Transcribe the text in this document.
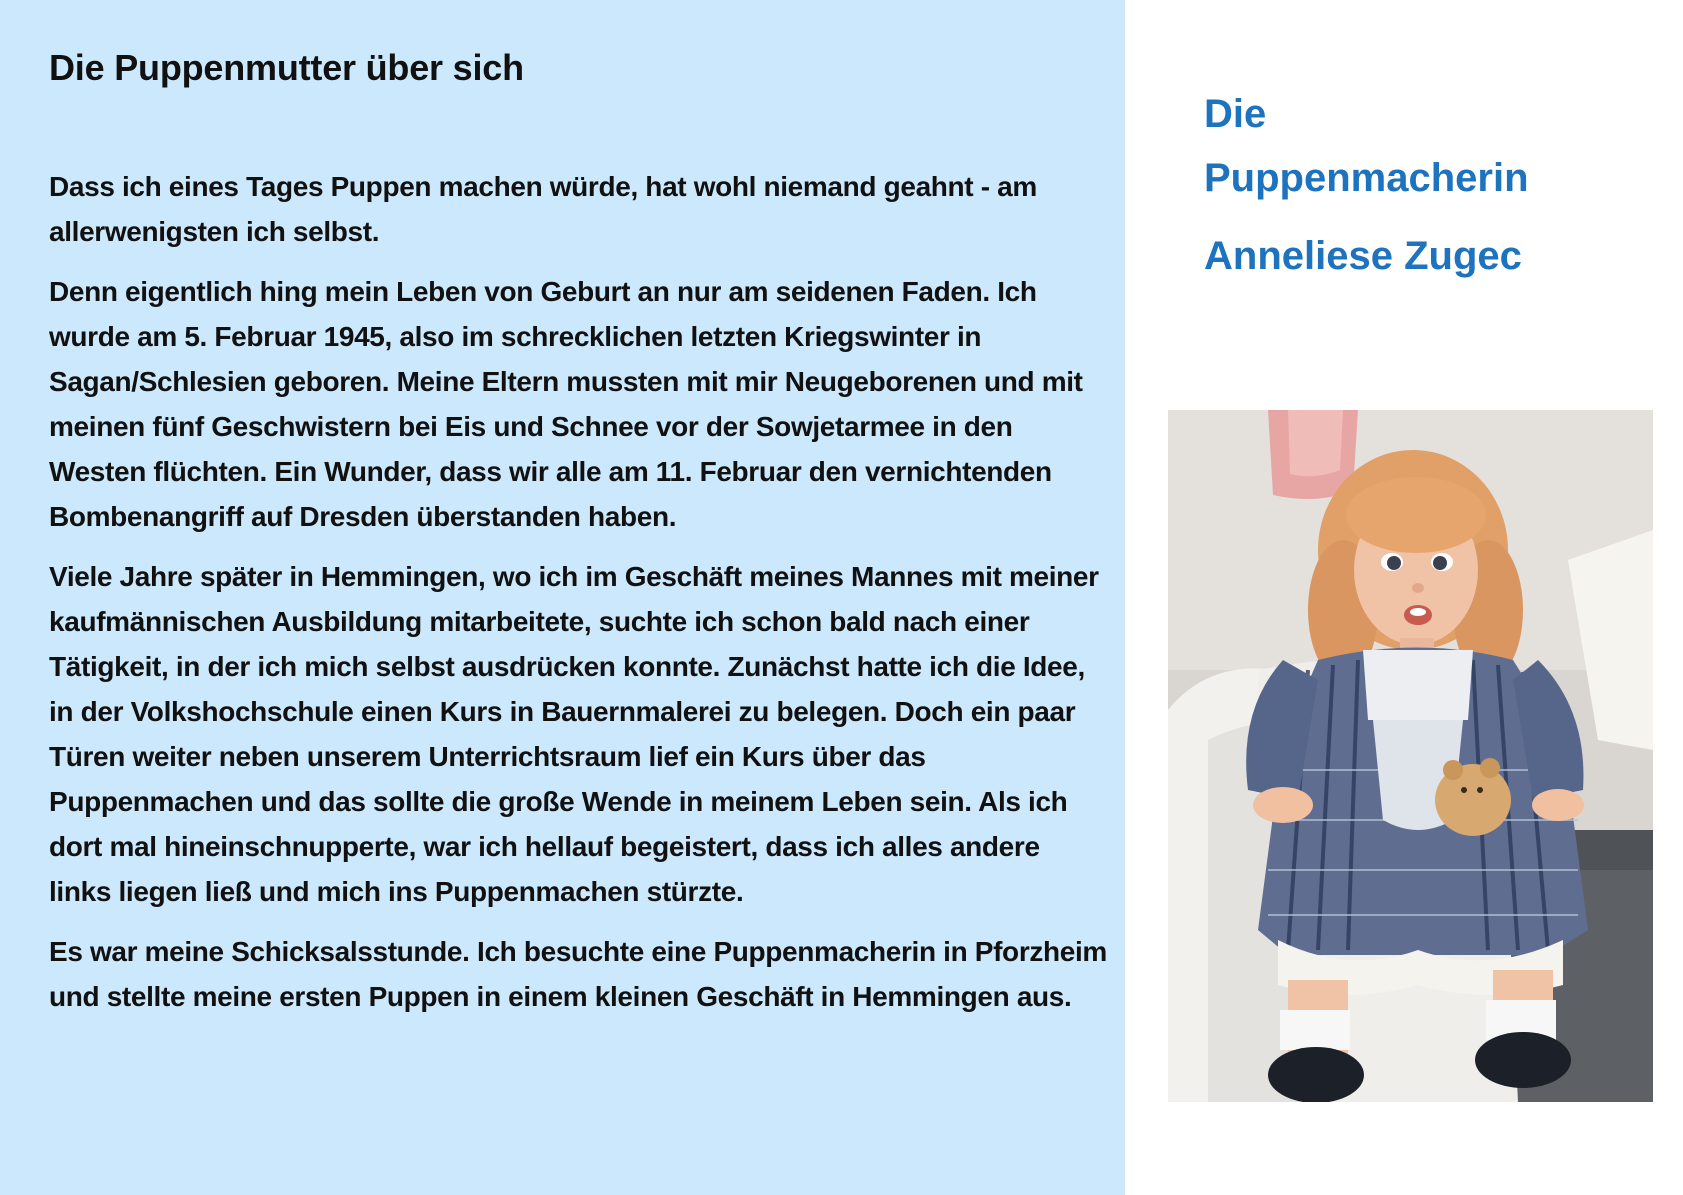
Die Puppenmutter über sich

Dass ich eines Tages Puppen machen würde, hat wohl niemand geahnt - am allerwenigsten ich selbst.

Denn eigentlich hing mein Leben von Geburt an nur am seidenen Faden. Ich wurde am 5. Februar 1945, also im schrecklichen letzten Kriegswinter in Sagan/Schlesien geboren. Meine Eltern mussten mit mir Neugeborenen und mit meinen fünf Geschwistern bei Eis und Schnee vor der Sowjetarmee in den Westen flüchten. Ein Wunder, dass wir alle am 11. Februar den vernichtenden Bombenangriff auf Dresden überstanden haben.

Viele Jahre später in Hemmingen, wo ich im Geschäft meines Mannes mit meiner kaufmännischen Ausbildung mitarbeitete, suchte ich schon bald nach einer Tätigkeit, in der ich mich selbst ausdrücken konnte. Zunächst hatte ich die Idee, in der Volkshochschule einen Kurs in Bauernmalerei zu belegen. Doch ein paar Türen weiter neben unserem Unterrichtsraum lief ein Kurs über das Puppenmachen und das sollte die große Wende in meinem Leben sein. Als ich dort mal hineinschnupperte, war ich hellauf begeistert, dass ich alles andere links liegen ließ und mich ins Puppenmachen stürzte.

Es war meine Schicksalsstunde. Ich besuchte eine Puppenmacherin in Pforzheim und stellte meine ersten Puppen in einem kleinen Geschäft in Hemmingen aus.

Die
Puppenmacherin
Anneliese Zugec
